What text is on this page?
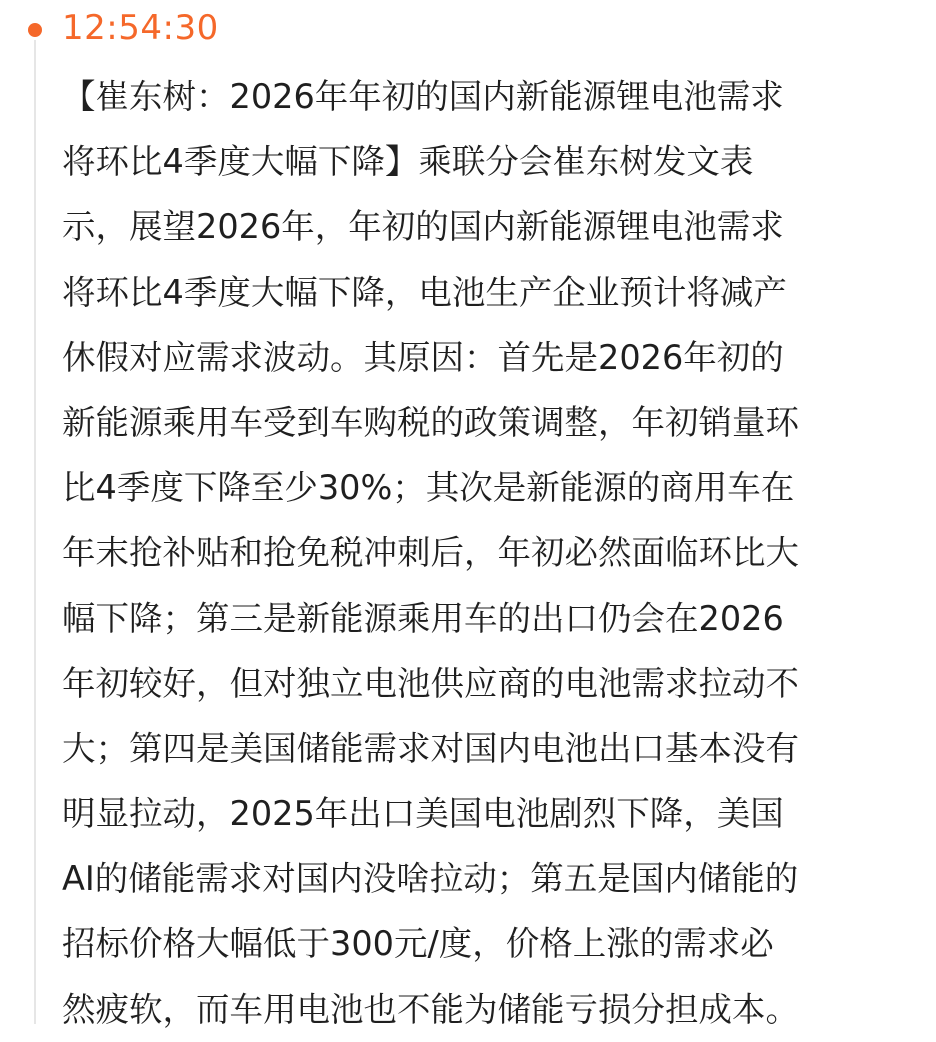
12:54:30
【崔东树：2026年年初的国内新能源锂电池需求
将环比4季度大幅下降】乘联分会崔东树发文表
示，展望2026年，年初的国内新能源锂电池需求
将环比4季度大幅下降，电池生产企业预计将减产
休假对应需求波动。其原因：首先是2026年初的
新能源乘用车受到车购税的政策调整，年初销量环
比4季度下降至少30%；其次是新能源的商用车在
年末抢补贴和抢免税冲刺后，年初必然面临环比大
幅下降；第三是新能源乘用车的出口仍会在2026
年初较好，但对独立电池供应商的电池需求拉动不
大；第四是美国储能需求对国内电池出口基本没有
明显拉动，2025年出口美国电池剧烈下降，美国
AI的储能需求对国内没啥拉动；第五是国内储能的
招标价格大幅低于300元/度，价格上涨的需求必
然疲软，而车用电池也不能为储能亏损分担成本。
